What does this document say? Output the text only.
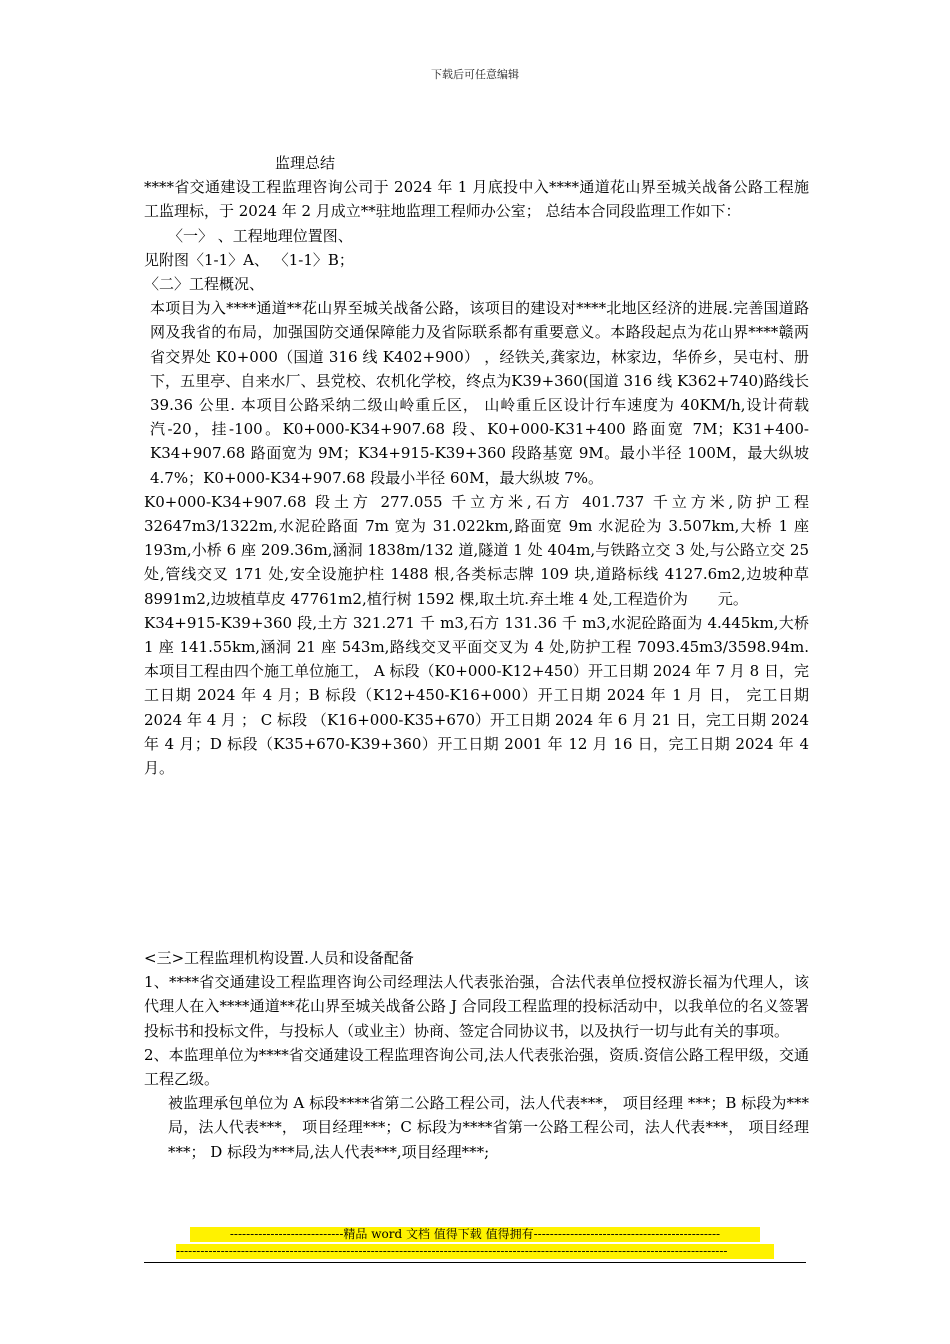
下载后可任意编辑

监理总结

****省交通建设工程监理咨询公司于 2024 年 1 月底投中入****通道花山界至城关战备公路工程施工监理标，于 2024 年 2 月成立**驻地监理工程师办公室； 总结本合同段监理工作如下：

〈一〉 、工程地理位置图、

见附图〈1-1〉A、 〈1-1〉B；

〈二〉工程概况、

本项目为入****通道**花山界至城关战备公路，该项目的建设对****北地区经济的进展.完善国道路网及我省的布局，加强国防交通保障能力及省际联系都有重要意义。本路段起点为花山界****赣两省交界处 K0+000（国道 316 线 K402+900） ，经铁关,龚家边，林家边，华侨乡，吴屯村、册下，五里亭、自来水厂、县党校、农机化学校，终点为K39+360(国道 316 线 K362+740)路线长 39.36 公里. 本项目公路采纳二级山岭重丘区， 山岭重丘区设计行车速度为 40KM/h,设计荷载汽-20，挂-100。K0+000-K34+907.68 段、K0+000-K31+400 路面宽 7M；K31+400-K34+907.68 路面宽为 9M；K34+915-K39+360 段路基宽 9M。最小半径 100M，最大纵坡 4.7%；K0+000-K34+907.68 段最小半径 60M，最大纵坡 7%。

K0+000-K34+907.68 段土方 277.055 千立方米,石方 401.737 千立方米,防护工程 32647m3/1322m,水泥砼路面 7m 宽为 31.022km,路面宽 9m 水泥砼为 3.507km,大桥 1 座 193m,小桥 6 座 209.36m,涵洞 1838m/132 道,隧道 1 处 404m,与铁路立交 3 处,与公路立交 25 处,管线交叉 171 处,安全设施护柱 1488 根,各类标志牌 109 块,道路标线 4127.6m2,边坡种草 8991m2,边坡植草皮 47761m2,植行树 1592 棵,取土坑.弃土堆 4 处,工程造价为　　元。

K34+915-K39+360 段,土方 321.271 千 m3,石方 131.36 千 m3,水泥砼路面为 4.445km,大桥 1 座 141.55km,涵洞 21 座 543m,路线交叉平面交叉为 4 处,防护工程 7093.45m3/3598.94m. 本项目工程由四个施工单位施工， A 标段（K0+000-K12+450）开工日期 2024 年 7 月 8 日，完工日期 2024 年 4 月；B 标段（K12+450-K16+000）开工日期 2024 年 1 月 日， 完工日期 2024 年 4 月 ； C 标段 （K16+000-K35+670）开工日期 2024 年 6 月 21 日，完工日期 2024 年 4 月；D 标段（K35+670-K39+360）开工日期 2001 年 12 月 16 日，完工日期 2024 年 4 月。

<三>工程监理机构设置.人员和设备配备

1、****省交通建设工程监理咨询公司经理法人代表张治强，合法代表单位授权游长福为代理人，该代理人在入****通道**花山界至城关战备公路 J 合同段工程监理的投标活动中，以我单位的名义签署投标书和投标文件，与投标人（或业主）协商、签定合同协议书，以及执行一切与此有关的事项。

2、本监理单位为****省交通建设工程监理咨询公司,法人代表张治强，资质.资信公路工程甲级，交通工程乙级。

被监理承包单位为 A 标段****省第二公路工程公司，法人代表***， 项目经理 ***；B 标段为***局，法人代表***， 项目经理***；C 标段为****省第一公路工程公司，法人代表***， 项目经理***； D 标段为***局,法人代表***,项目经理***;

----------------------------精品 word 文档 值得下载 值得拥有----------------------------------------------
----------------------------------------------------------------------------------------------------------------------------------------
